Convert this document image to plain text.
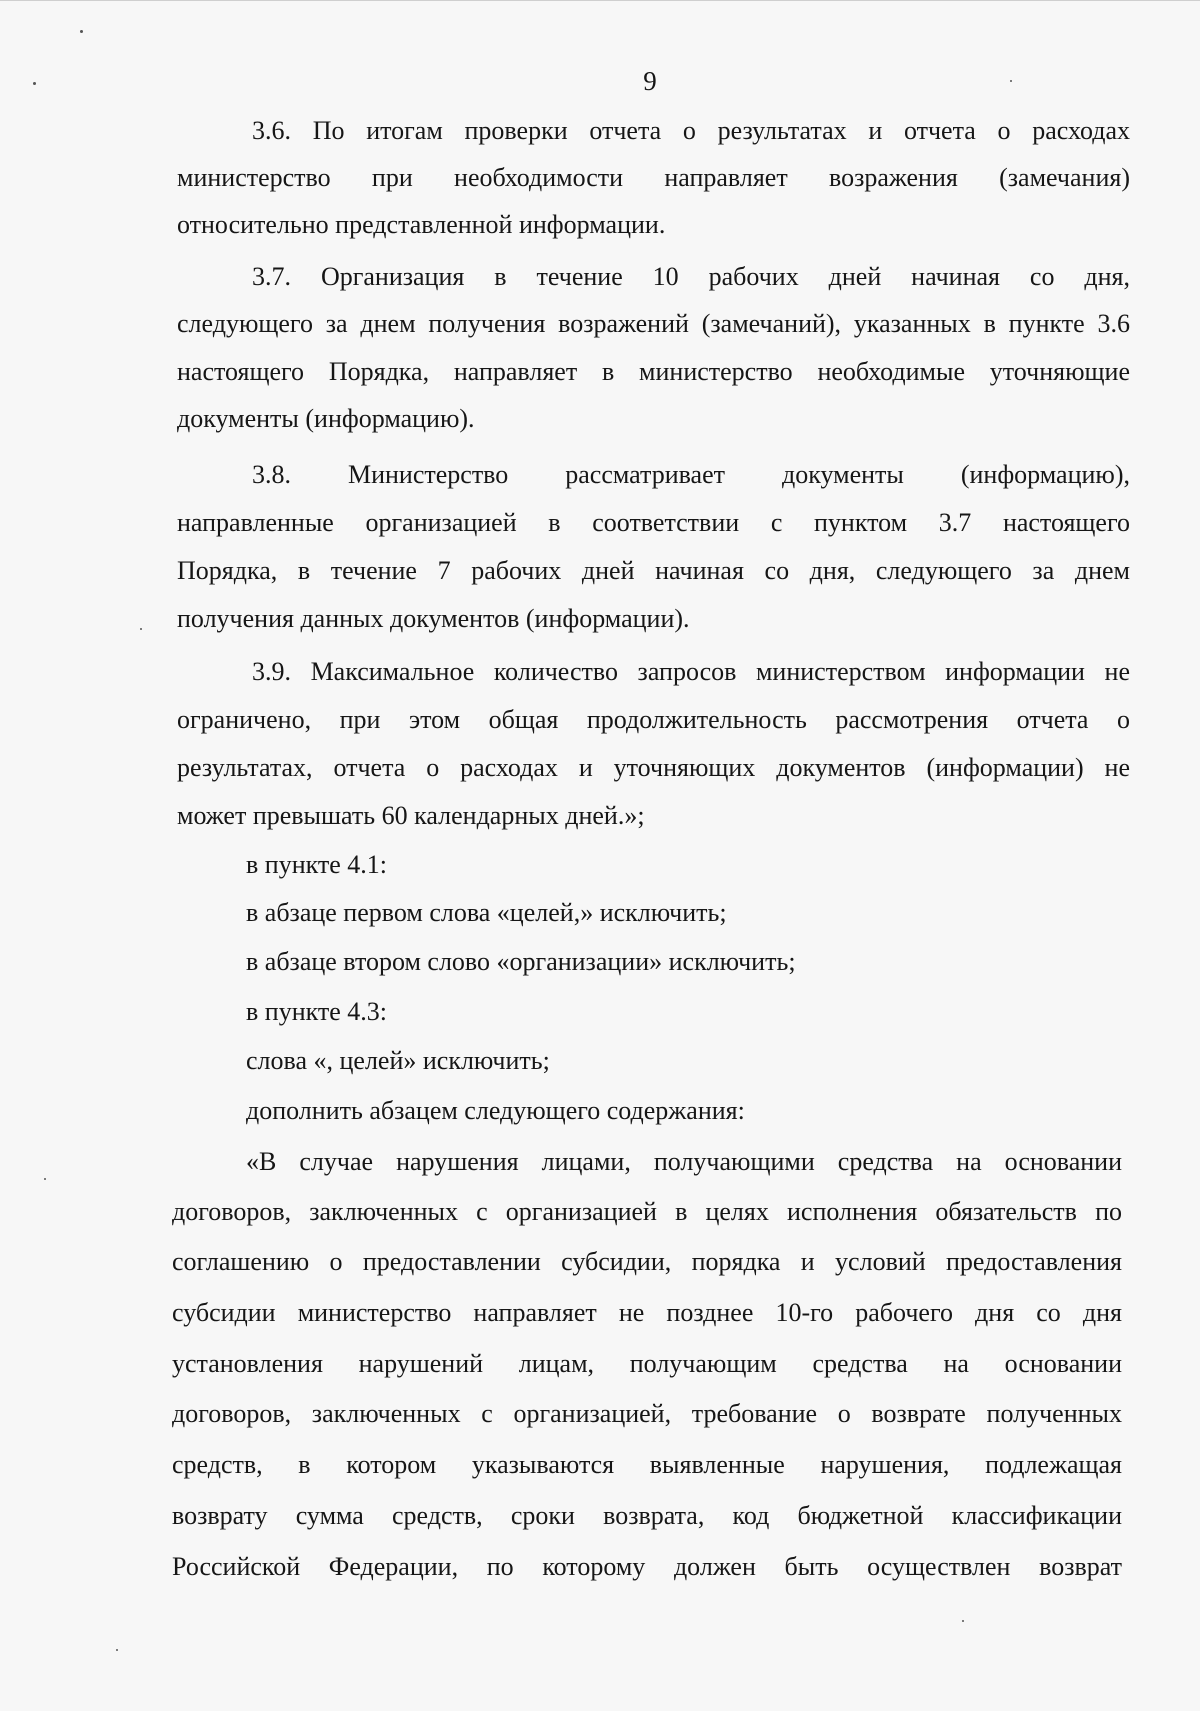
9
3.6. По итогам проверки отчета о результатах и отчета о расходах
министерство при необходимости направляет возражения (замечания)
относительно представленной информации.
3.7. Организация в течение 10 рабочих дней начиная со дня,
следующего за днем получения возражений (замечаний), указанных в пункте 3.6
настоящего Порядка, направляет в министерство необходимые уточняющие
документы (информацию).
3.8. Министерство рассматривает документы (информацию),
направленные организацией в соответствии с пунктом 3.7 настоящего
Порядка, в течение 7 рабочих дней начиная со дня, следующего за днем
получения данных документов (информации).
3.9. Максимальное количество запросов министерством информации не
ограничено, при этом общая продолжительность рассмотрения отчета о
результатах, отчета о расходах и уточняющих документов (информации) не
может превышать 60 календарных дней.»;
в пункте 4.1:
в абзаце первом слова «целей,» исключить;
в абзаце втором слово «организации» исключить;
в пункте 4.3:
слова «, целей» исключить;
дополнить абзацем следующего содержания:
«В случае нарушения лицами, получающими средства на основании
договоров, заключенных с организацией в целях исполнения обязательств по
соглашению о предоставлении субсидии, порядка и условий предоставления
субсидии министерство направляет не позднее 10-го рабочего дня со дня
установления нарушений лицам, получающим средства на основании
договоров, заключенных с организацией, требование о возврате полученных
средств, в котором указываются выявленные нарушения, подлежащая
возврату сумма средств, сроки возврата, код бюджетной классификации
Российской Федерации, по которому должен быть осуществлен возврат
